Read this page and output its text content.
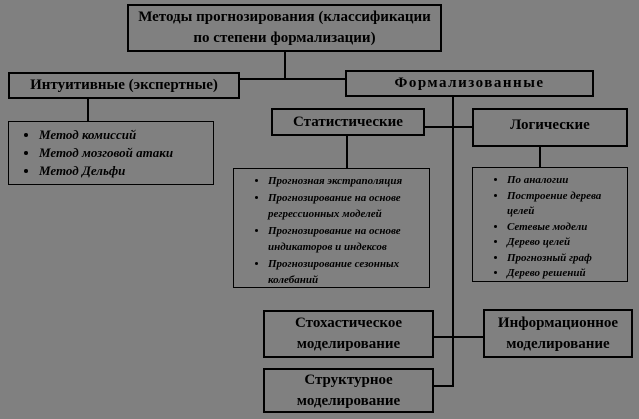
Методы прогнозирования (классификации
по степени формализации)
Интуитивные (экспертные)	Формализованные
• Метод комиссий
• Метод мозговой атаки
• Метод Дельфи
Статистические	Логические
• Прогнозная экстраполяция
• Прогнозирование на основе регрессионных моделей
• Прогнозирование на основе индикаторов и индексов
• Прогнозирование сезонных колебаний
• По аналогии
• Построение дерева целей
• Сетевые модели
• Дерево целей
• Прогнозный граф
• Дерево решений
Стохастическое моделирование
Информационное моделирование
Структурное моделирование
